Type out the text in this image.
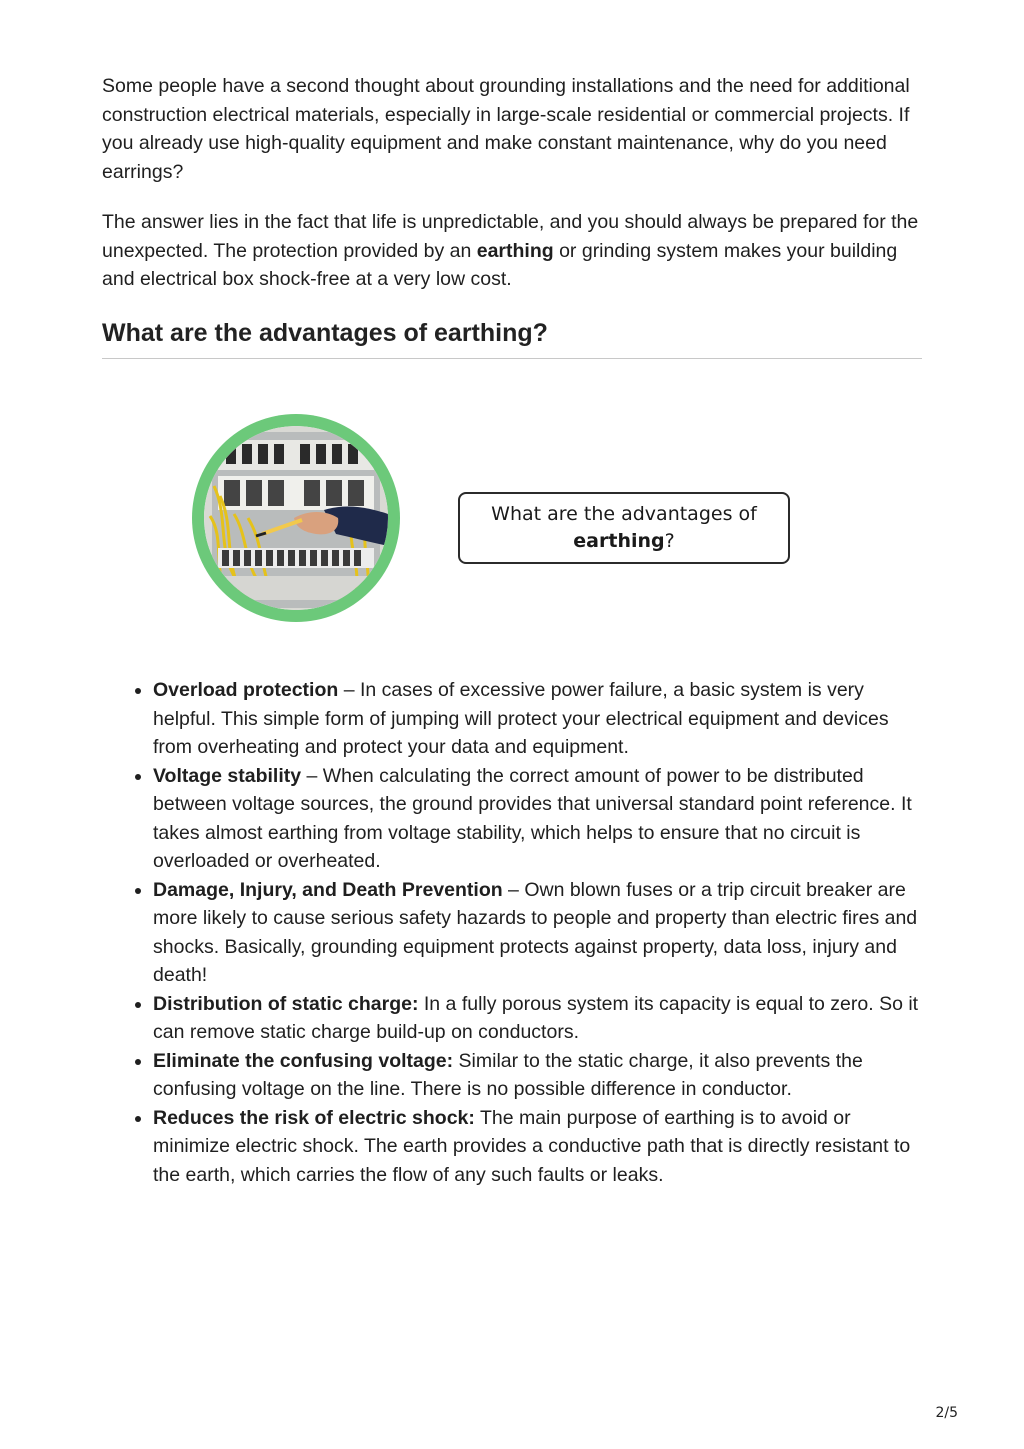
Some people have a second thought about grounding installations and the need for additional construction electrical materials, especially in large-scale residential or commercial projects. If you already use high-quality equipment and make constant maintenance, why do you need earrings?

The answer lies in the fact that life is unpredictable, and you should always be prepared for the unexpected. The protection provided by an earthing or grinding system makes your building and electrical box shock-free at a very low cost.

What are the advantages of earthing?
What are the advantages of
earthing?
• Overload protection – In cases of excessive power failure, a basic system is very helpful. This simple form of jumping will protect your electrical equipment and devices from overheating and protect your data and equipment.
• Voltage stability – When calculating the correct amount of power to be distributed between voltage sources, the ground provides that universal standard point reference. It takes almost earthing from voltage stability, which helps to ensure that no circuit is overloaded or overheated.
• Damage, Injury, and Death Prevention – Own blown fuses or a trip circuit breaker are more likely to cause serious safety hazards to people and property than electric fires and shocks. Basically, grounding equipment protects against property, data loss, injury and death!
• Distribution of static charge: In a fully porous system its capacity is equal to zero. So it can remove static charge build-up on conductors.
• Eliminate the confusing voltage: Similar to the static charge, it also prevents the confusing voltage on the line. There is no possible difference in conductor.
• Reduces the risk of electric shock: The main purpose of earthing is to avoid or minimize electric shock. The earth provides a conductive path that is directly resistant to the earth, which carries the flow of any such faults or leaks.
2/5
